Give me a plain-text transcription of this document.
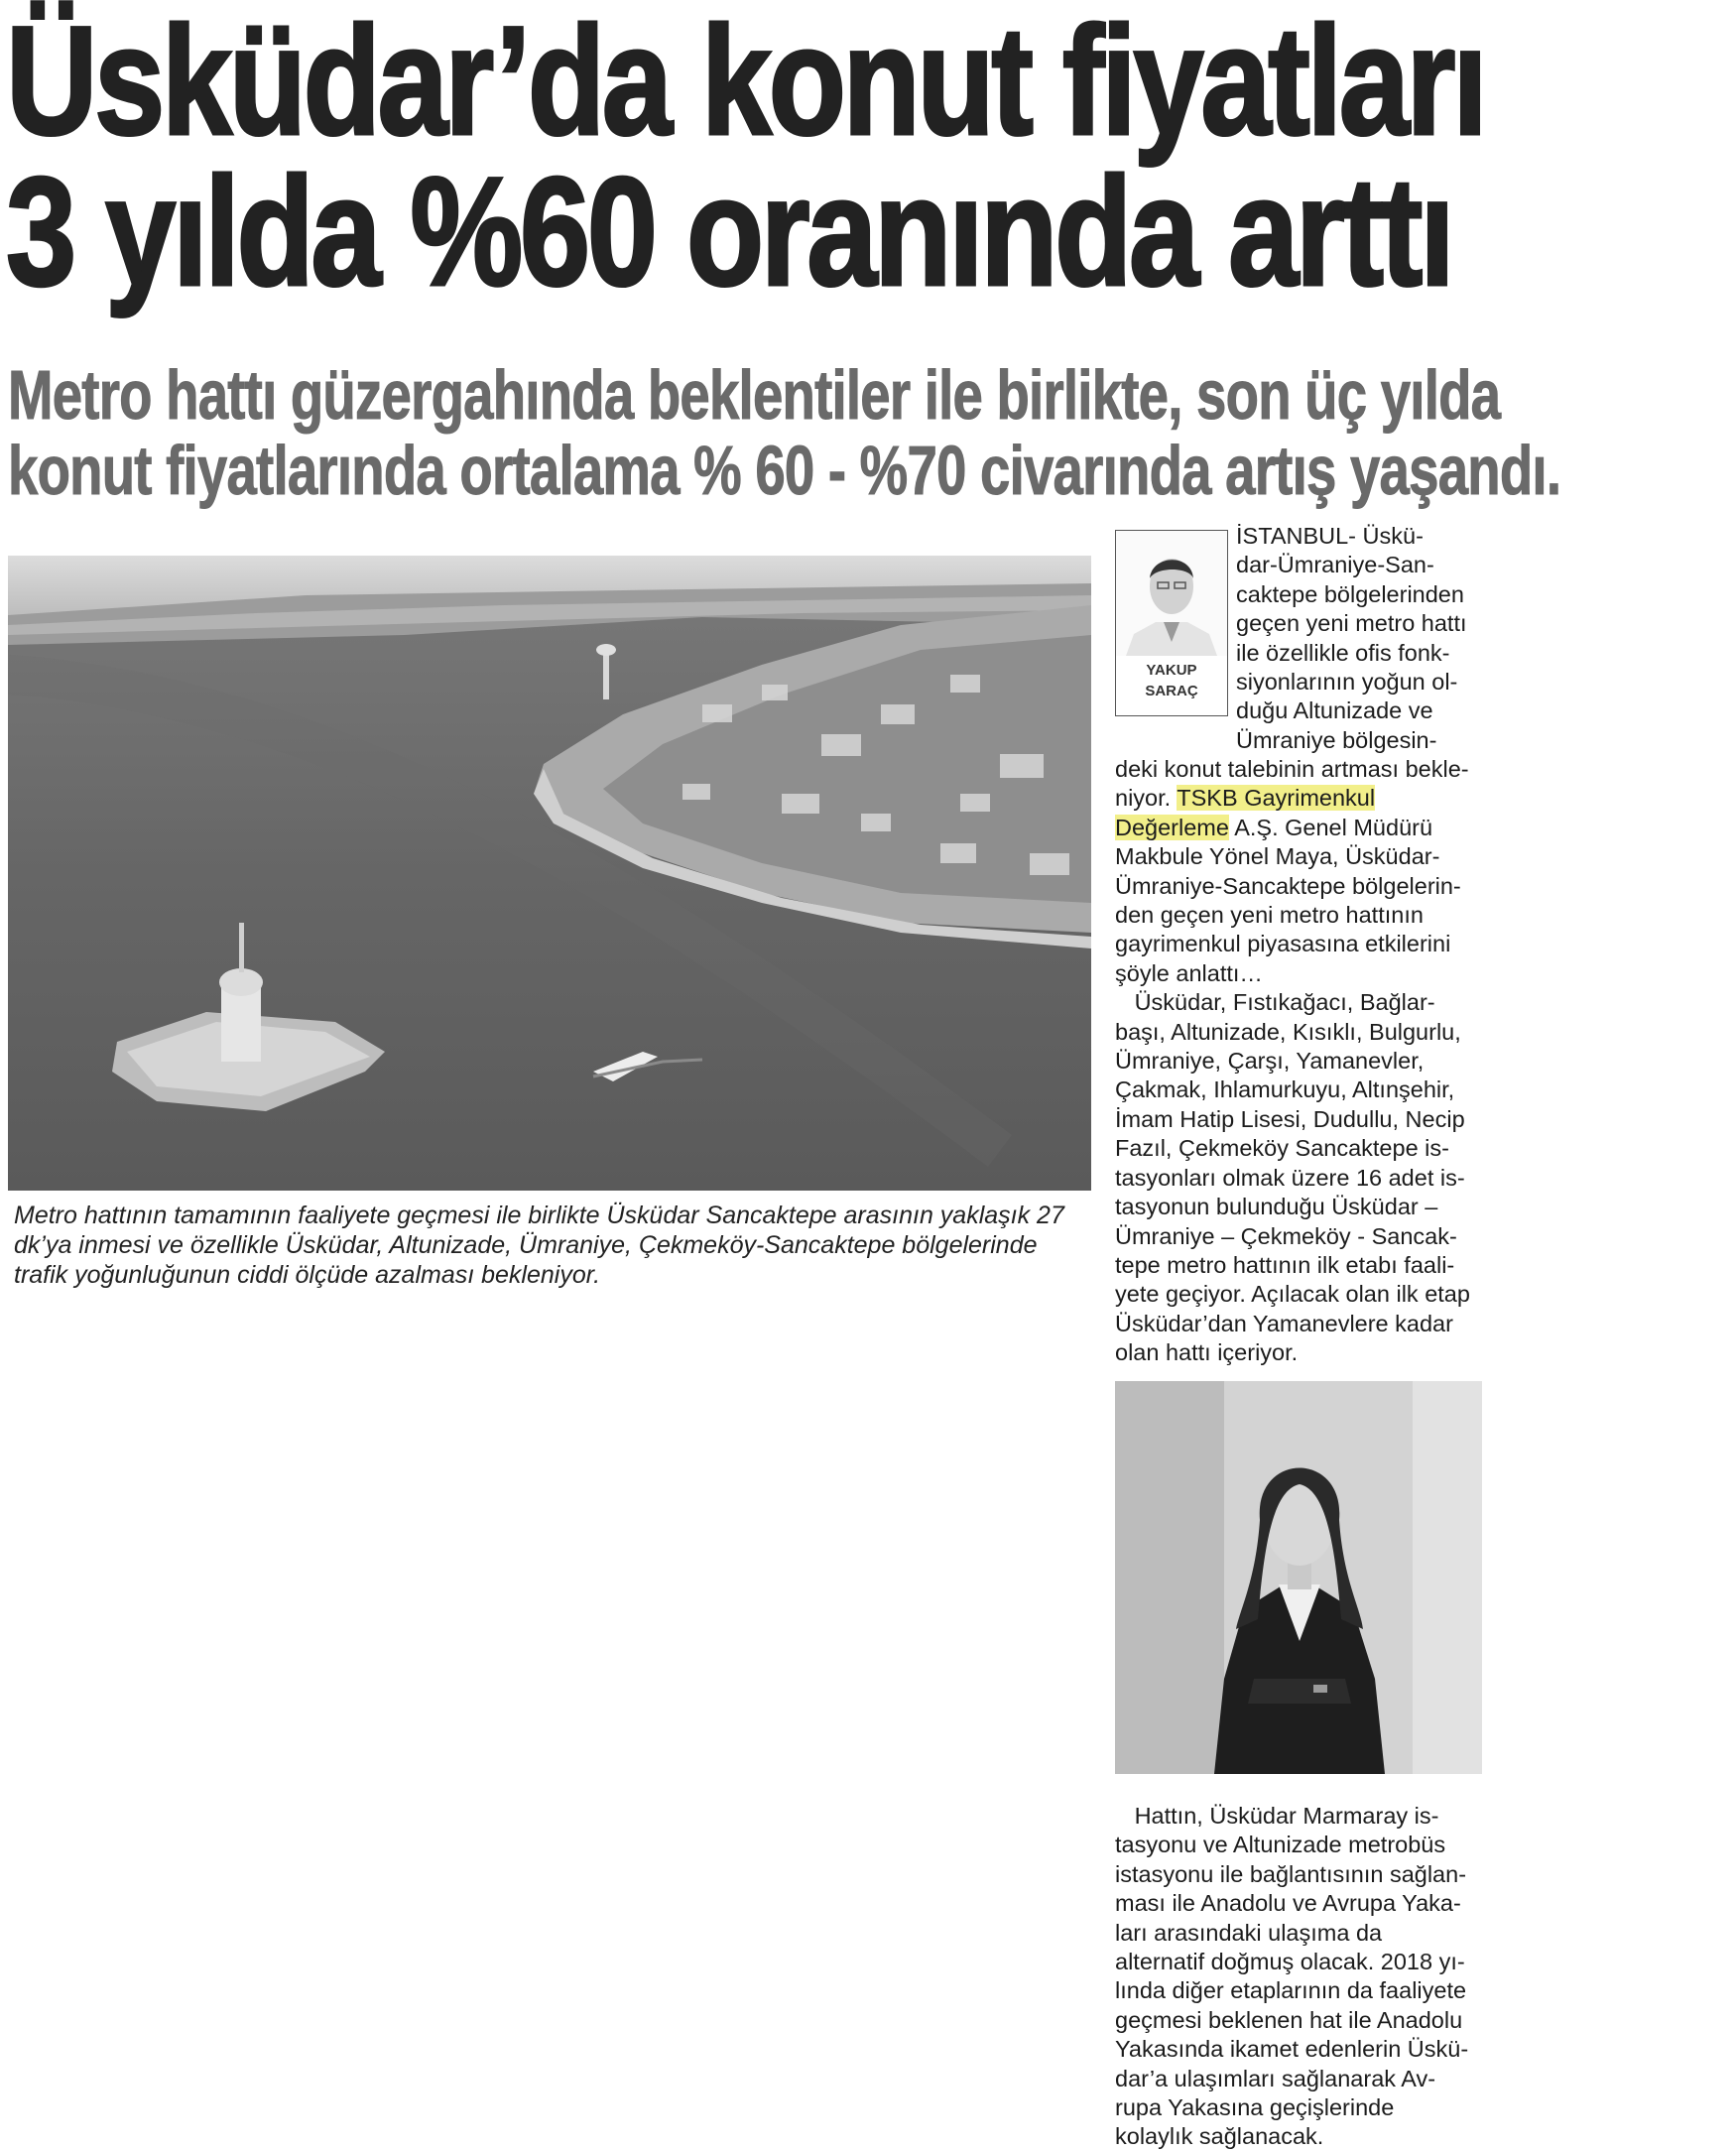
Üsküdar’da konut fiyatları
3 yılda %60 oranında arttı
Metro hattı güzergahında beklentiler ile birlikte, son üç yılda
konut fiyatlarında ortalama % 60 - %70 civarında artış yaşandı.
Metro hattının tamamının faaliyete geçmesi ile birlikte Üsküdar Sancaktepe arasının yaklaşık 27 dk’ya inmesi ve özellikle Üsküdar, Altunizade, Ümraniye, Çekmeköy-Sancaktepe bölgelerinde trafik yoğunluğunun ciddi ölçüde azalması bekleniyor.
YAKUP
SARAÇ
İSTANBUL- Üskü-
dar-Ümraniye-San-
caktepe bölgelerinden
geçen yeni metro hattı
ile özellikle ofis fonk-
siyonlarının yoğun ol-
duğu Altunizade ve
Ümraniye bölgesin-
deki konut talebinin artması bekle-
niyor. TSKB Gayrimenkul
Değerleme A.Ş. Genel Müdürü
Makbule Yönel Maya, Üsküdar-
Ümraniye-Sancaktepe bölgelerin-
den geçen yeni metro hattının
gayrimenkul piyasasına etkilerini
şöyle anlattı…
Üsküdar, Fıstıkağacı, Bağlar-
başı, Altunizade, Kısıklı, Bulgurlu,
Ümraniye, Çarşı, Yamanevler,
Çakmak, Ihlamurkuyu, Altınşehir,
İmam Hatip Lisesi, Dudullu, Necip
Fazıl, Çekmeköy Sancaktepe is-
tasyonları olmak üzere 16 adet is-
tasyonun bulunduğu Üsküdar –
Ümraniye – Çekmeköy - Sancak-
tepe metro hattının ilk etabı faali-
yete geçiyor. Açılacak olan ilk etap
Üsküdar’dan Yamanevlere kadar
olan hattı içeriyor.
Hattın, Üsküdar Marmaray is-
tasyonu ve Altunizade metrobüs
istasyonu ile bağlantısının sağlan-
ması ile Anadolu ve Avrupa Yaka-
ları arasındaki ulaşıma da
alternatif doğmuş olacak. 2018 yı-
lında diğer etaplarının da faaliyete
geçmesi beklenen hat ile Anadolu
Yakasında ikamet edenlerin Üskü-
dar’a ulaşımları sağlanarak Av-
rupa Yakasına geçişlerinde
kolaylık sağlanacak.
